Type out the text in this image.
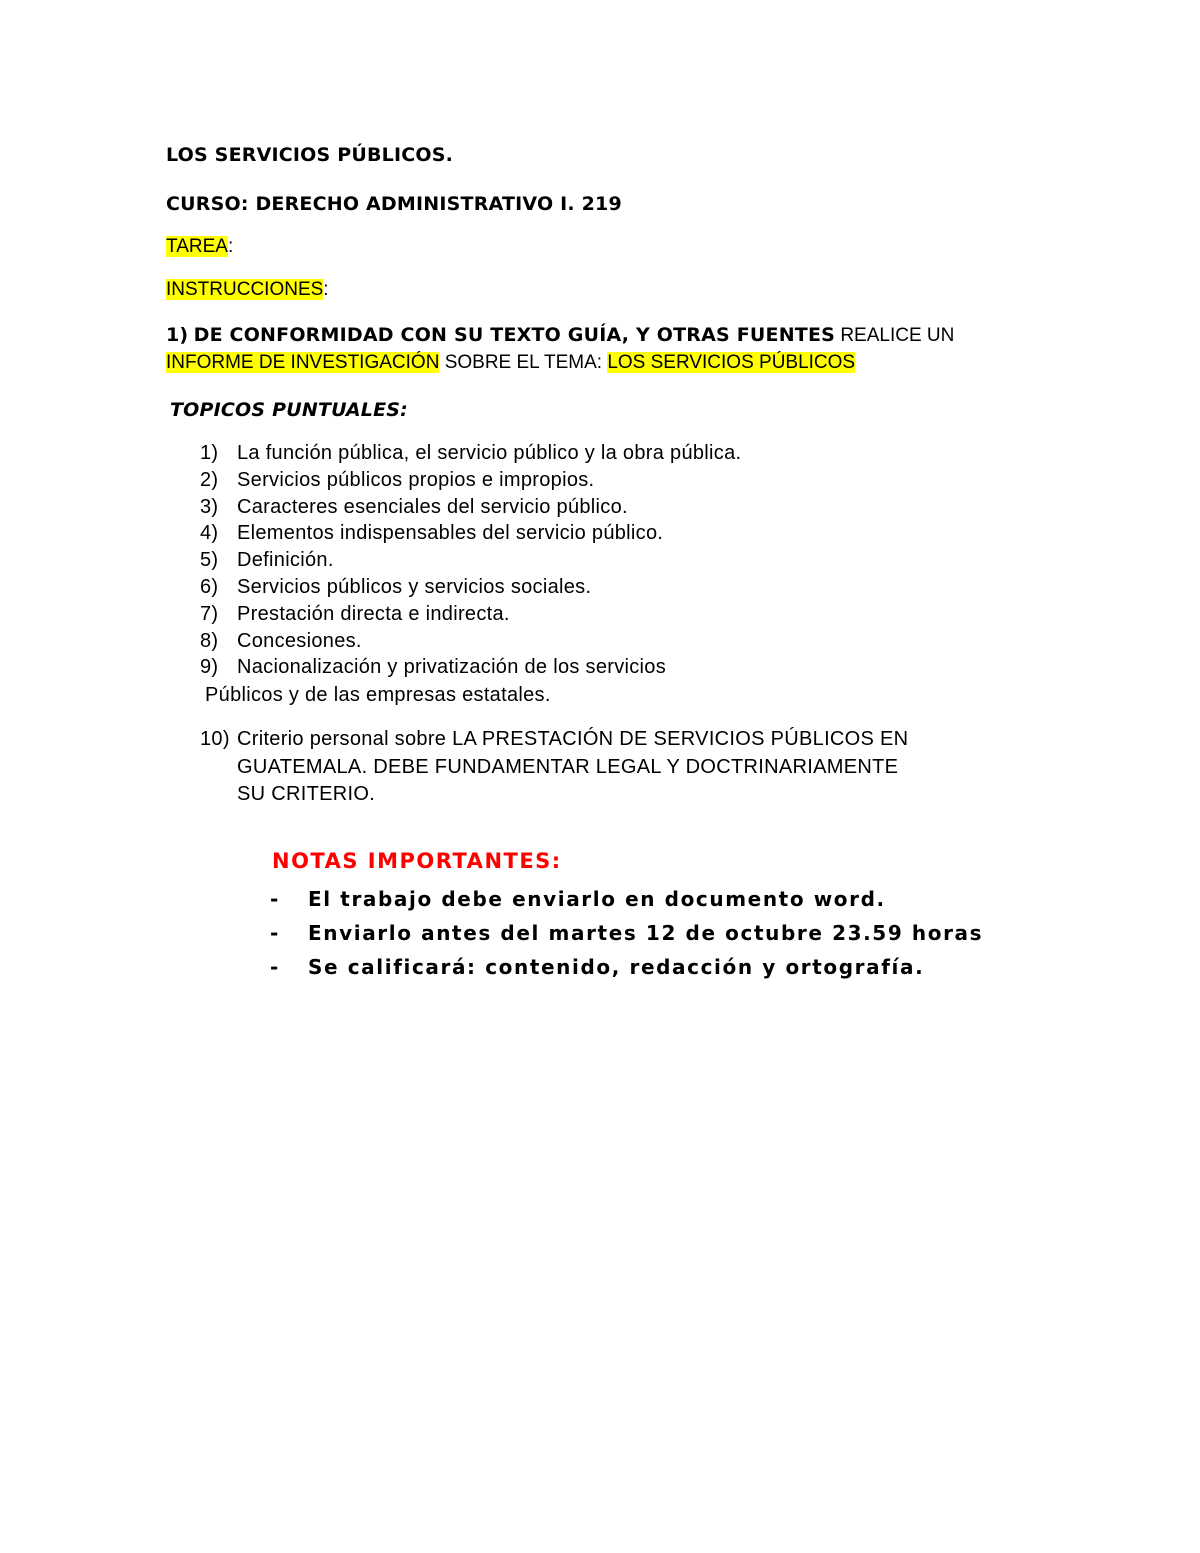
LOS SERVICIOS PÚBLICOS.
CURSO: DERECHO ADMINISTRATIVO I. 219
TAREA:
INSTRUCCIONES:
1) DE CONFORMIDAD CON SU TEXTO GUÍA, Y OTRAS FUENTES REALICE UN
INFORME DE INVESTIGACIÓN SOBRE EL TEMA: LOS SERVICIOS PÚBLICOS
TOPICOS PUNTUALES:
1) La función pública, el servicio público y la obra pública.
2) Servicios públicos propios e impropios.
3) Caracteres esenciales del servicio público.
4) Elementos indispensables del servicio público.
5) Definición.
6) Servicios públicos y servicios sociales.
7) Prestación directa e indirecta.
8) Concesiones.
9) Nacionalización y privatización de los servicios
Públicos y de las empresas estatales.
10) Criterio personal sobre LA PRESTACIÓN DE SERVICIOS PÚBLICOS EN
GUATEMALA. DEBE FUNDAMENTAR LEGAL Y DOCTRINARIAMENTE
SU CRITERIO.
NOTAS IMPORTANTES:
- El trabajo debe enviarlo en documento word.
- Enviarlo antes del martes 12 de octubre 23.59 horas
- Se calificará: contenido, redacción y ortografía.
